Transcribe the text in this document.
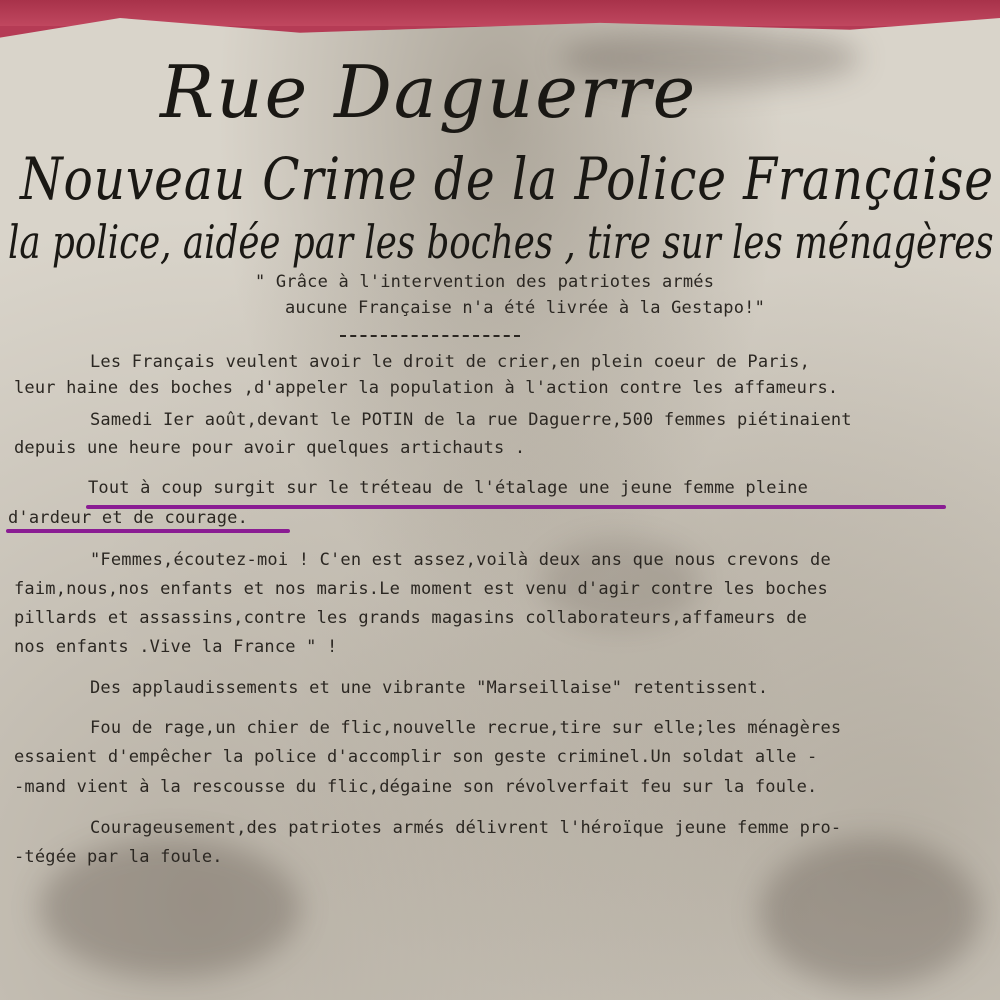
Rue Daguerre
Nouveau Crime de la Police Française
la police, aidée par les boches , tire sur les ménagères
" Grâce à l'intervention des patriotes armés
aucune Française n'a été livrée à la Gestapo!"
Les Français veulent avoir le droit de crier,en plein coeur de Paris,
leur haine des boches ,d'appeler la population à l'action contre les affameurs.
Samedi Ier août,devant le POTIN de la rue Daguerre,500 femmes piétinaient
depuis une heure pour avoir quelques artichauts .
Tout à coup surgit sur le tréteau de l'étalage une jeune femme pleine
d'ardeur et de courage.
"Femmes,écoutez-moi ! C'en est assez,voilà deux ans que nous crevons de
faim,nous,nos enfants et nos maris.Le moment est venu d'agir contre les boches
pillards et assassins,contre les grands magasins collaborateurs,affameurs de
nos enfants .Vive la France " !
Des applaudissements et une vibrante "Marseillaise" retentissent.
Fou de rage,un chier de flic,nouvelle recrue,tire sur elle;les ménagères
essaient d'empêcher la police d'accomplir son geste criminel.Un soldat alle -
-mand vient à la rescousse du flic,dégaine son révolverfait feu sur la foule.
Courageusement,des patriotes armés délivrent l'héroïque jeune femme pro-
-tégée par la foule.
